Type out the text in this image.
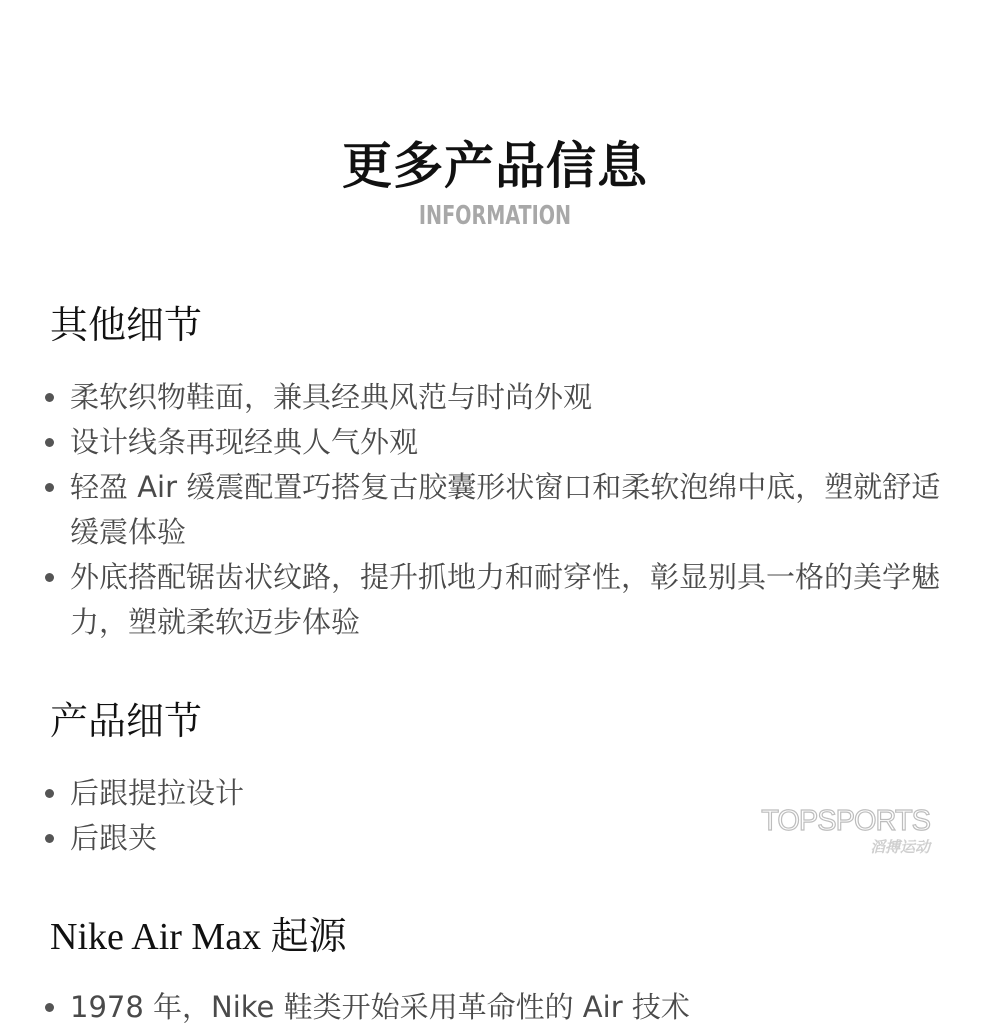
更多产品信息
INFORMATION
其他细节
柔软织物鞋面，兼具经典风范与时尚外观
设计线条再现经典人气外观
轻盈 Air 缓震配置巧搭复古胶囊形状窗口和柔软泡绵中底，塑就舒适缓震体验
外底搭配锯齿状纹路，提升抓地力和耐穿性，彰显别具一格的美学魅力，塑就柔软迈步体验
产品细节
后跟提拉设计
后跟夹	TOPSPORTS
滔搏运动
Nike Air Max 起源
1978 年，Nike 鞋类开始采用革命性的 Air 技术
